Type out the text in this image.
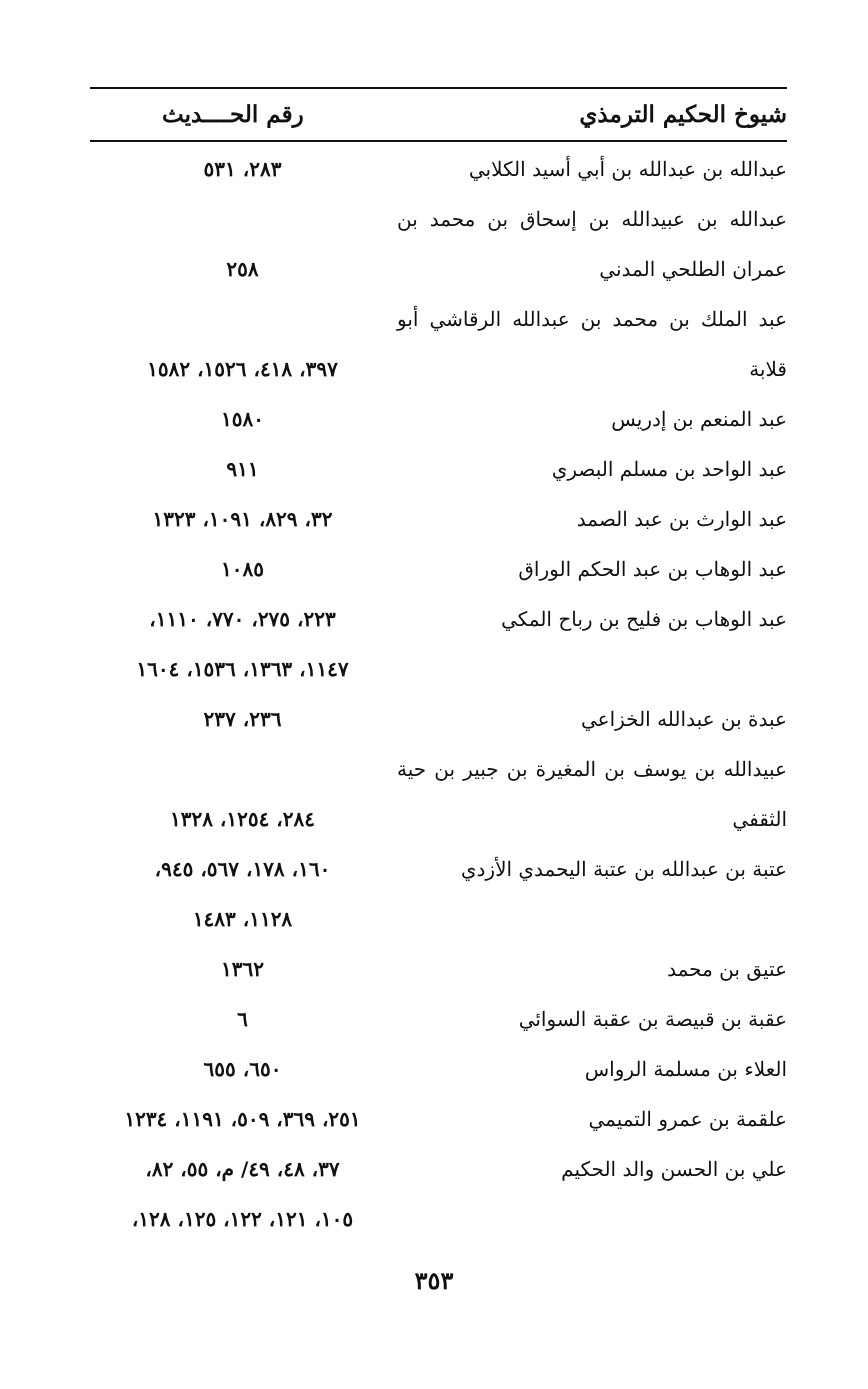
شيوخ الحكيم الترمذي
رقم الحــــديث
عبدالله بن عبدالله بن أبي أسيد الكلابي
٢٨٣، ٥٣١
عبدالله بن عبيدالله بن إسحاق بن محمد بن
عمران الطلحي المدني
٢٥٨
عبد الملك بن محمد بن عبدالله الرقاشي أبو
قلابة
٣٩٧، ٤١٨، ١٥٢٦، ١٥٨٢
عبد المنعم بن إدريس
١٥٨٠
عبد الواحد بن مسلم البصري
٩١١
عبد الوارث بن عبد الصمد
٣٢، ٨٢٩، ١٠٩١، ١٣٢٣
عبد الوهاب بن عبد الحكم الوراق
١٠٨٥
عبد الوهاب بن فليح بن رباح المكي
٢٢٣، ٢٧٥، ٧٧٠، ١١١٠،
١١٤٧، ١٣٦٣، ١٥٣٦، ١٦٠٤
عبدة بن عبدالله الخزاعي
٢٣٦، ٢٣٧
عبيدالله بن يوسف بن المغيرة بن جبير بن حية
الثقفي
٢٨٤، ١٢٥٤، ١٣٢٨
عتبة بن عبدالله بن عتبة اليحمدي الأزدي
١٦٠، ١٧٨، ٥٦٧، ٩٤٥،
١١٢٨، ١٤٨٣
عتيق بن محمد
١٣٦٢
عقبة بن قبيصة بن عقبة السوائي
٦
العلاء بن مسلمة الرواس
٦٥٠، ٦٥٥
علقمة بن عمرو التميمي
٢٥١، ٣٦٩، ٥٠٩، ١١٩١، ١٢٣٤
علي بن الحسن والد الحكيم
٣٧، ٤٨، ٤٩/ م، ٥٥، ٨٢،
١٠٥، ١٢١، ١٢٢، ١٢٥، ١٢٨،
٣٥٣
